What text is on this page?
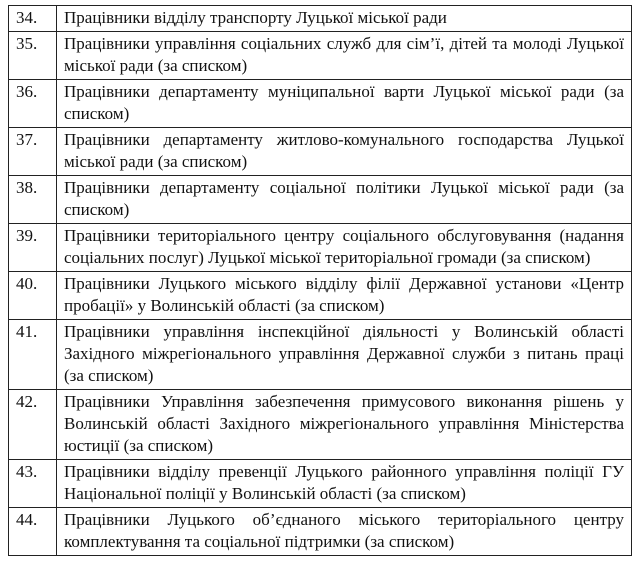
34.	Працівники відділу транспорту Луцької міської ради
35.	Працівники управління соціальних служб для сім’ї, дітей та молоді Луцької міської ради (за списком)
36.	Працівники департаменту муніципальної варти Луцької міської ради (за списком)
37.	Працівники департаменту житлово-комунального господарства Луцької міської ради (за списком)
38.	Працівники департаменту соціальної політики Луцької міської ради (за списком)
39.	Працівники територіального центру соціального обслуговування (надання соціальних послуг) Луцької міської територіальної громади (за списком)
40.	Працівники Луцького міського відділу філії Державної установи «Центр пробації» у Волинській області (за списком)
41.	Працівники управління інспекційної діяльності у Волинській області Західного міжрегіонального управління Державної служби з питань праці (за списком)
42.	Працівники Управління забезпечення примусового виконання рішень у Волинській області Західного міжрегіонального управління Міністерства юстиції (за списком)
43.	Працівники відділу превенції Луцького районного управління поліції ГУ Національної поліції у Волинській області (за списком)
44.	Працівники Луцького об’єднаного міського територіального центру комплектування та соціальної підтримки (за списком)
